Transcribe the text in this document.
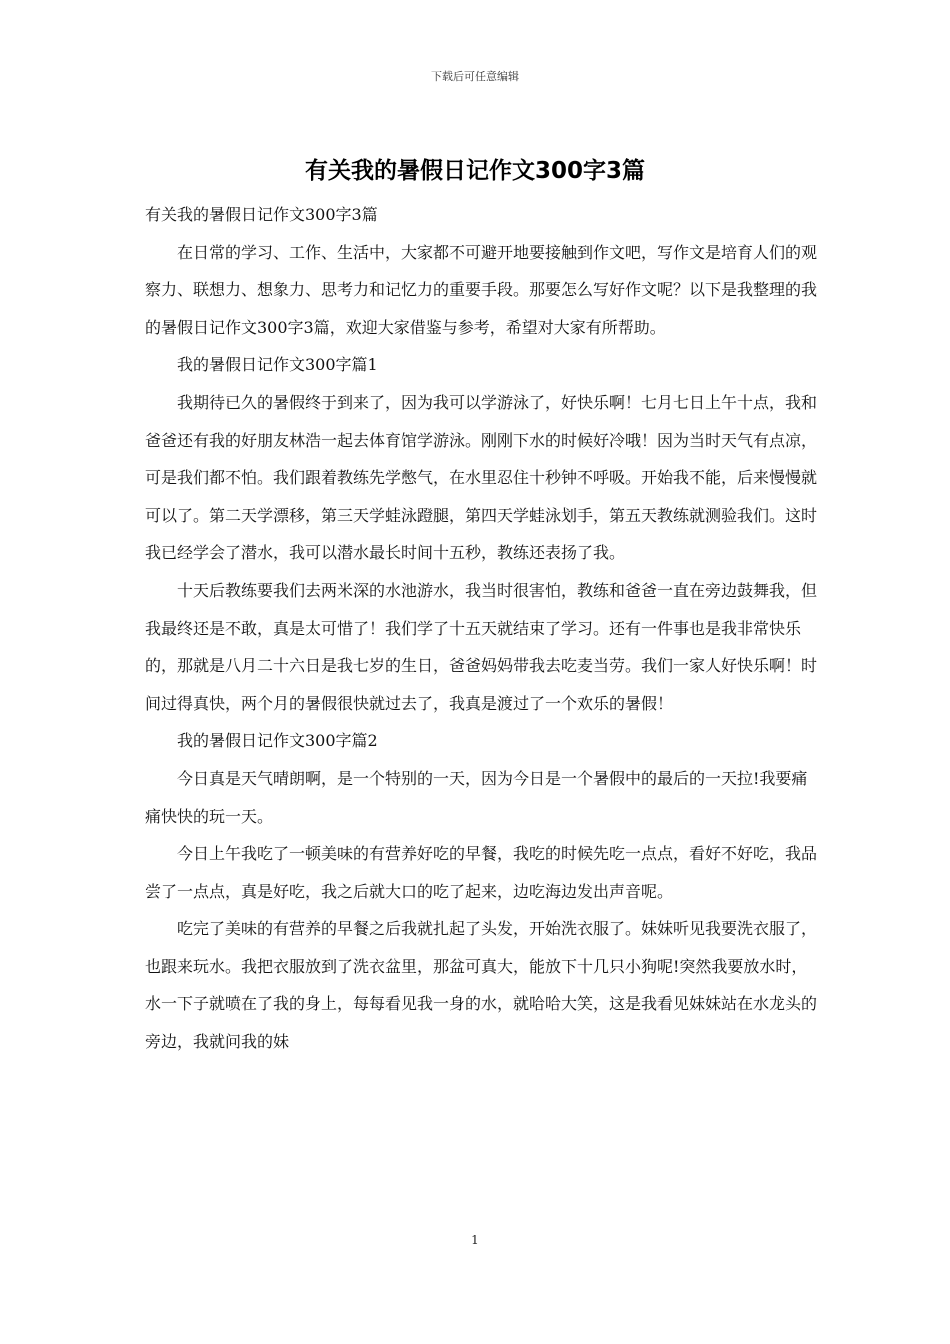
下载后可任意编辑
有关我的暑假日记作文300字3篇

有关我的暑假日记作文300字3篇

在日常的学习、工作、生活中，大家都不可避开地要接触到作文吧，写作文是培育人们的观察力、联想力、想象力、思考力和记忆力的重要手段。那要怎么写好作文呢？以下是我整理的我的暑假日记作文300字3篇，欢迎大家借鉴与参考，希望对大家有所帮助。

我的暑假日记作文300字篇1

我期待已久的暑假终于到来了，因为我可以学游泳了，好快乐啊！七月七日上午十点，我和爸爸还有我的好朋友林浩一起去体育馆学游泳。刚刚下水的时候好冷哦！因为当时天气有点凉，可是我们都不怕。我们跟着教练先学憋气，在水里忍住十秒钟不呼吸。开始我不能，后来慢慢就可以了。第二天学漂移，第三天学蛙泳蹬腿，第四天学蛙泳划手，第五天教练就测验我们。这时我已经学会了潜水，我可以潜水最长时间十五秒，教练还表扬了我。

十天后教练要我们去两米深的水池游水，我当时很害怕，教练和爸爸一直在旁边鼓舞我，但我最终还是不敢，真是太可惜了！我们学了十五天就结束了学习。还有一件事也是我非常快乐的，那就是八月二十六日是我七岁的生日，爸爸妈妈带我去吃麦当劳。我们一家人好快乐啊！时间过得真快，两个月的暑假很快就过去了，我真是渡过了一个欢乐的暑假！

我的暑假日记作文300字篇2

今日真是天气晴朗啊，是一个特别的一天，因为今日是一个暑假中的最后的一天拉!我要痛痛快快的玩一天。

今日上午我吃了一顿美味的有营养好吃的早餐，我吃的时候先吃一点点，看好不好吃，我品尝了一点点，真是好吃，我之后就大口的吃了起来，边吃海边发出声音呢。

吃完了美味的有营养的早餐之后我就扎起了头发，开始洗衣服了。妹妹听见我要洗衣服了，也跟来玩水。我把衣服放到了洗衣盆里，那盆可真大，能放下十几只小狗呢!突然我要放水时，水一下子就喷在了我的身上，每每看见我一身的水，就哈哈大笑，这是我看见妹妹站在水龙头的旁边，我就问我的妹

1
